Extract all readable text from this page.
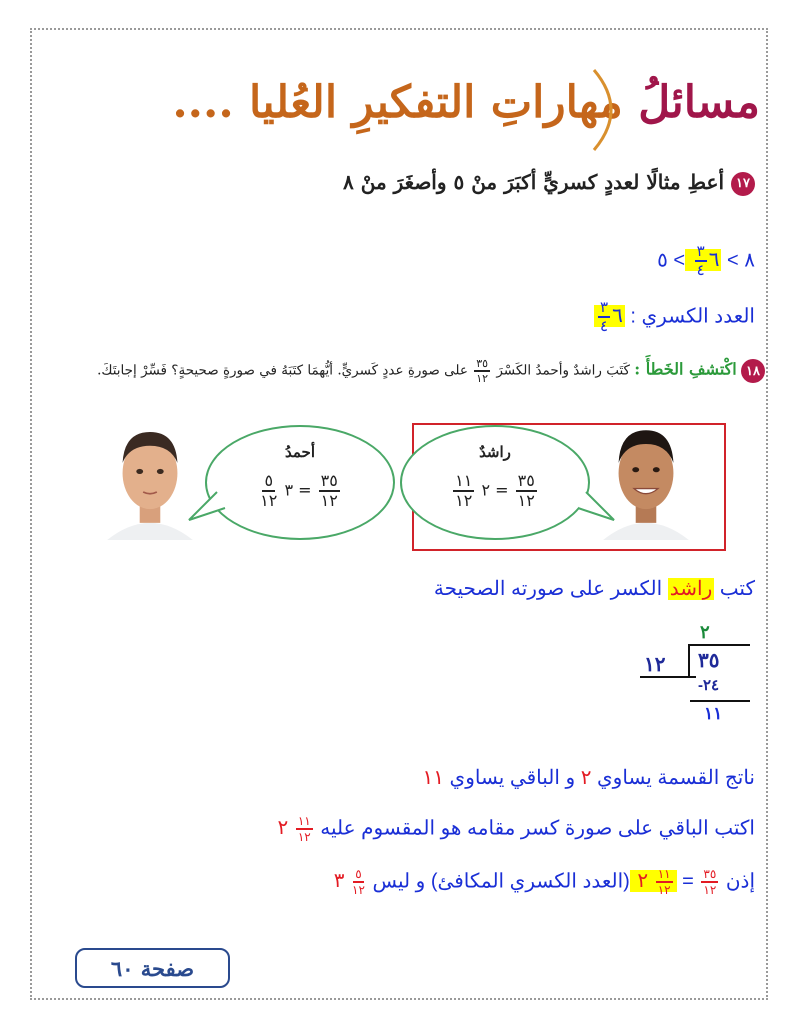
مسائلُ مهاراتِ التفكيرِ العُليا ....
١٧ أعطِ مثالًا لعددٍ كسريٍّ أكبَرَ منْ ٥ وأصغَرَ منْ ٨
٨ > ٦
$\frac{٣}{٤}$
> ٥
العدد الكسري : ٦
$\frac{٣}{٤}$
١٨ اكْتشفِ الخَطأَ : كَتَبَ راشدٌ وأحمدُ الكَسْرَ
$\frac{٣٥}{١٢}$
على صورةِ عددٍ كَسريٍّ. أيُّهمَا كتَبَهُ في صورةٍ صحيحةٍ؟ فَسِّرْ إجابتَكَ.
أحمدُ
$\frac{٣٥}{١٢}$
= ٣
$\frac{٥}{١٢}$
راشدٌ
$\frac{٣٥}{١٢}$
= ٢
$\frac{١١}{١٢}$
كتب راشد الكسر على صورته الصحيحة
٢
١٢ ٣٥
-٢٤
١١
ناتج القسمة يساوي ٢ و الباقي يساوي ١١
اكتب الباقي على صورة كسر مقامه هو المقسوم عليه
$\frac{١١}{١٢}$
٢
إذن
$\frac{٣٥}{١٢}$
=
$\frac{١١}{١٢}$
٢ (العدد الكسري المكافئ) و ليس
$\frac{٥}{١٢}$
٣
صفحة ٦٠
